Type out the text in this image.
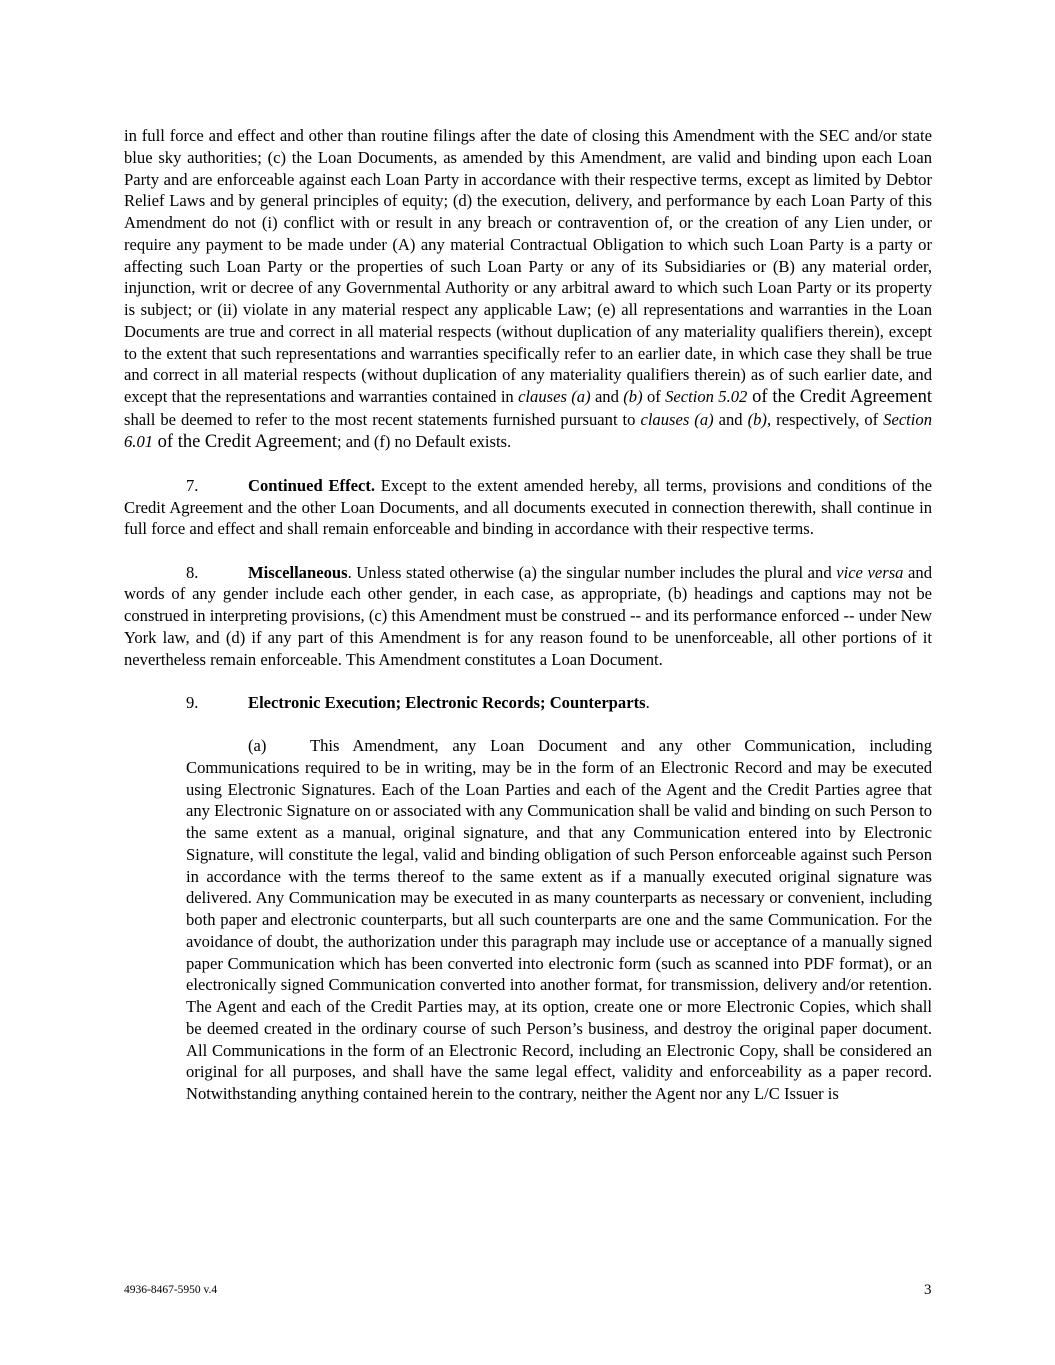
in full force and effect and other than routine filings after the date of closing this Amendment with the SEC and/or state blue sky authorities; (c) the Loan Documents, as amended by this Amendment, are valid and binding upon each Loan Party and are enforceable against each Loan Party in accordance with their respective terms, except as limited by Debtor Relief Laws and by general principles of equity; (d) the execution, delivery, and performance by each Loan Party of this Amendment do not (i) conflict with or result in any breach or contravention of, or the creation of any Lien under, or require any payment to be made under (A) any material Contractual Obligation to which such Loan Party is a party or affecting such Loan Party or the properties of such Loan Party or any of its Subsidiaries or (B) any material order, injunction, writ or decree of any Governmental Authority or any arbitral award to which such Loan Party or its property is subject; or (ii) violate in any material respect any applicable Law; (e) all representations and warranties in the Loan Documents are true and correct in all material respects (without duplication of any materiality qualifiers therein), except to the extent that such representations and warranties specifically refer to an earlier date, in which case they shall be true and correct in all material respects (without duplication of any materiality qualifiers therein) as of such earlier date, and except that the representations and warranties contained in clauses (a) and (b) of Section 5.02 of the Credit Agreement shall be deemed to refer to the most recent statements furnished pursuant to clauses (a) and (b), respectively, of Section 6.01 of the Credit Agreement; and (f) no Default exists.

7.	Continued Effect. Except to the extent amended hereby, all terms, provisions and conditions of the Credit Agreement and the other Loan Documents, and all documents executed in connection therewith, shall continue in full force and effect and shall remain enforceable and binding in accordance with their respective terms.

8.	Miscellaneous. Unless stated otherwise (a) the singular number includes the plural and vice versa and words of any gender include each other gender, in each case, as appropriate, (b) headings and captions may not be construed in interpreting provisions, (c) this Amendment must be construed -- and its performance enforced -- under New York law, and (d) if any part of this Amendment is for any reason found to be unenforceable, all other portions of it nevertheless remain enforceable. This Amendment constitutes a Loan Document.

9.	Electronic Execution; Electronic Records; Counterparts.

(a)	This Amendment, any Loan Document and any other Communication, including Communications required to be in writing, may be in the form of an Electronic Record and may be executed using Electronic Signatures. Each of the Loan Parties and each of the Agent and the Credit Parties agree that any Electronic Signature on or associated with any Communication shall be valid and binding on such Person to the same extent as a manual, original signature, and that any Communication entered into by Electronic Signature, will constitute the legal, valid and binding obligation of such Person enforceable against such Person in accordance with the terms thereof to the same extent as if a manually executed original signature was delivered. Any Communication may be executed in as many counterparts as necessary or convenient, including both paper and electronic counterparts, but all such counterparts are one and the same Communication. For the avoidance of doubt, the authorization under this paragraph may include use or acceptance of a manually signed paper Communication which has been converted into electronic form (such as scanned into PDF format), or an electronically signed Communication converted into another format, for transmission, delivery and/or retention. The Agent and each of the Credit Parties may, at its option, create one or more Electronic Copies, which shall be deemed created in the ordinary course of such Person’s business, and destroy the original paper document. All Communications in the form of an Electronic Record, including an Electronic Copy, shall be considered an original for all purposes, and shall have the same legal effect, validity and enforceability as a paper record. Notwithstanding anything contained herein to the contrary, neither the Agent nor any L/C Issuer is

4936-8467-5950 v.4	3
